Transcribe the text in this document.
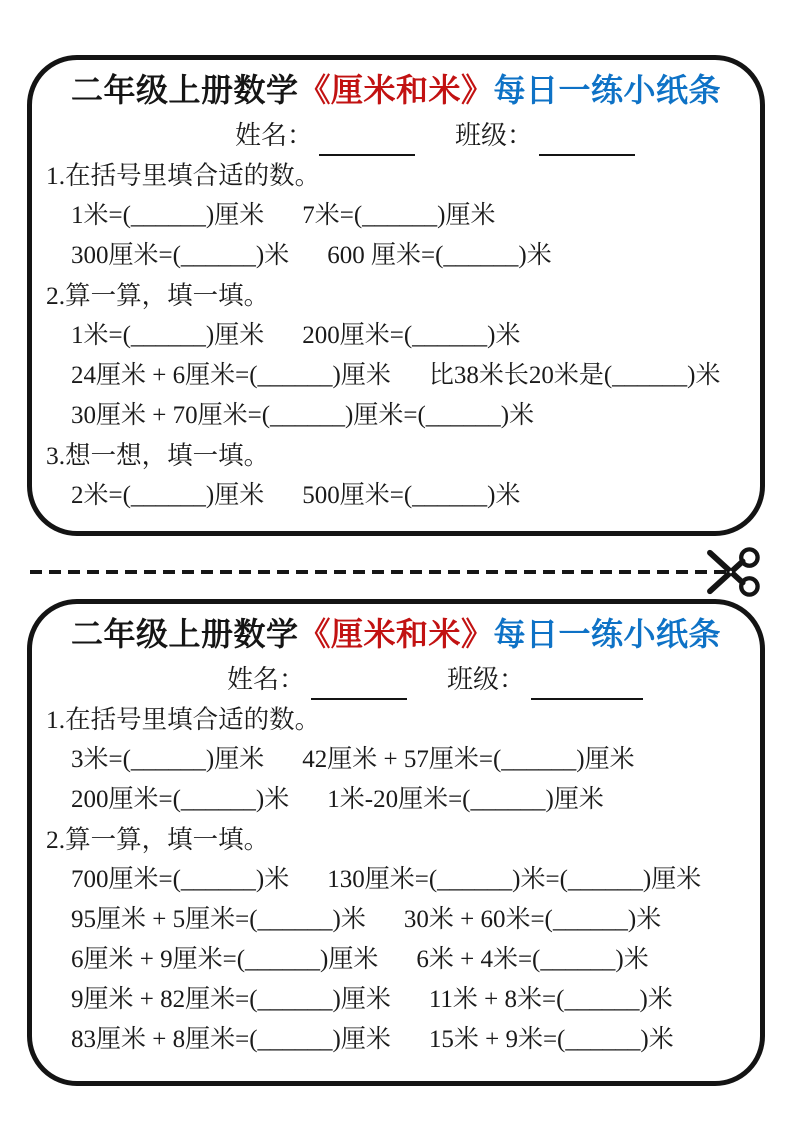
二年级上册数学《厘米和米》每日一练小纸条
姓名：	班级：
1.在括号里填合适的数。
1米=(______)厘米 7米=(______)厘米
300厘米=(______)米 600 厘米=(______)米
2.算一算，填一填。
1米=(______)厘米 200厘米=(______)米
24厘米 + 6厘米=(______)厘米 比38米长20米是(______)米
30厘米 + 70厘米=(______)厘米=(______)米
3.想一想，填一填。
2米=(______)厘米 500厘米=(______)米
二年级上册数学《厘米和米》每日一练小纸条
姓名：	班级：
1.在括号里填合适的数。
3米=(______)厘米 42厘米 + 57厘米=(______)厘米
200厘米=(______)米 1米-20厘米=(______)厘米
2.算一算，填一填。
700厘米=(______)米 130厘米=(______)米=(______)厘米
95厘米 + 5厘米=(______)米 30米 + 60米=(______)米
6厘米 + 9厘米=(______)厘米 6米 + 4米=(______)米
9厘米 + 82厘米=(______)厘米 11米 + 8米=(______)米
83厘米 + 8厘米=(______)厘米 15米 + 9米=(______)米
